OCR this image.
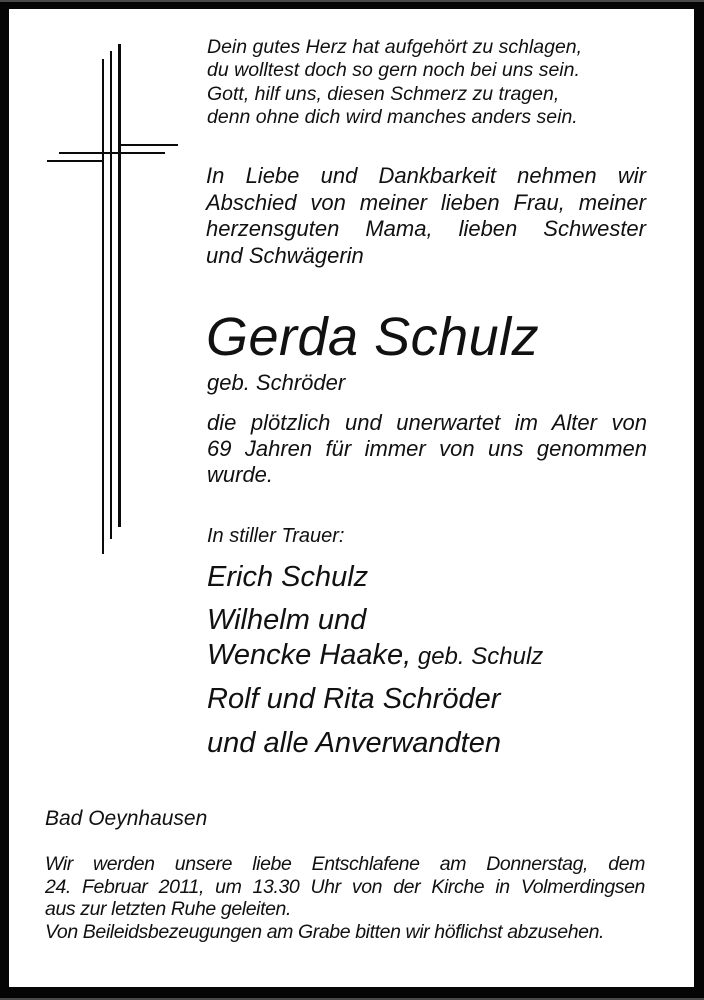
Dein gutes Herz hat aufgehört zu schlagen,
du wolltest doch so gern noch bei uns sein.
Gott, hilf uns, diesen Schmerz zu tragen,
denn ohne dich wird manches anders sein.
In Liebe und Dankbarkeit nehmen wir
Abschied von meiner lieben Frau, meiner
herzensguten Mama, lieben Schwester
und Schwägerin
Gerda Schulz
geb. Schröder
die plötzlich und unerwartet im Alter von
69 Jahren für immer von uns genommen
wurde.
In stiller Trauer:
Erich Schulz
Wilhelm und
Wencke Haake, geb. Schulz
Rolf und Rita Schröder
und alle Anverwandten
Bad Oeynhausen
Wir werden unsere liebe Entschlafene am Donnerstag, dem
24. Februar 2011, um 13.30 Uhr von der Kirche in Volmerdingsen
aus zur letzten Ruhe geleiten.
Von Beileidsbezeugungen am Grabe bitten wir höflichst abzusehen.
